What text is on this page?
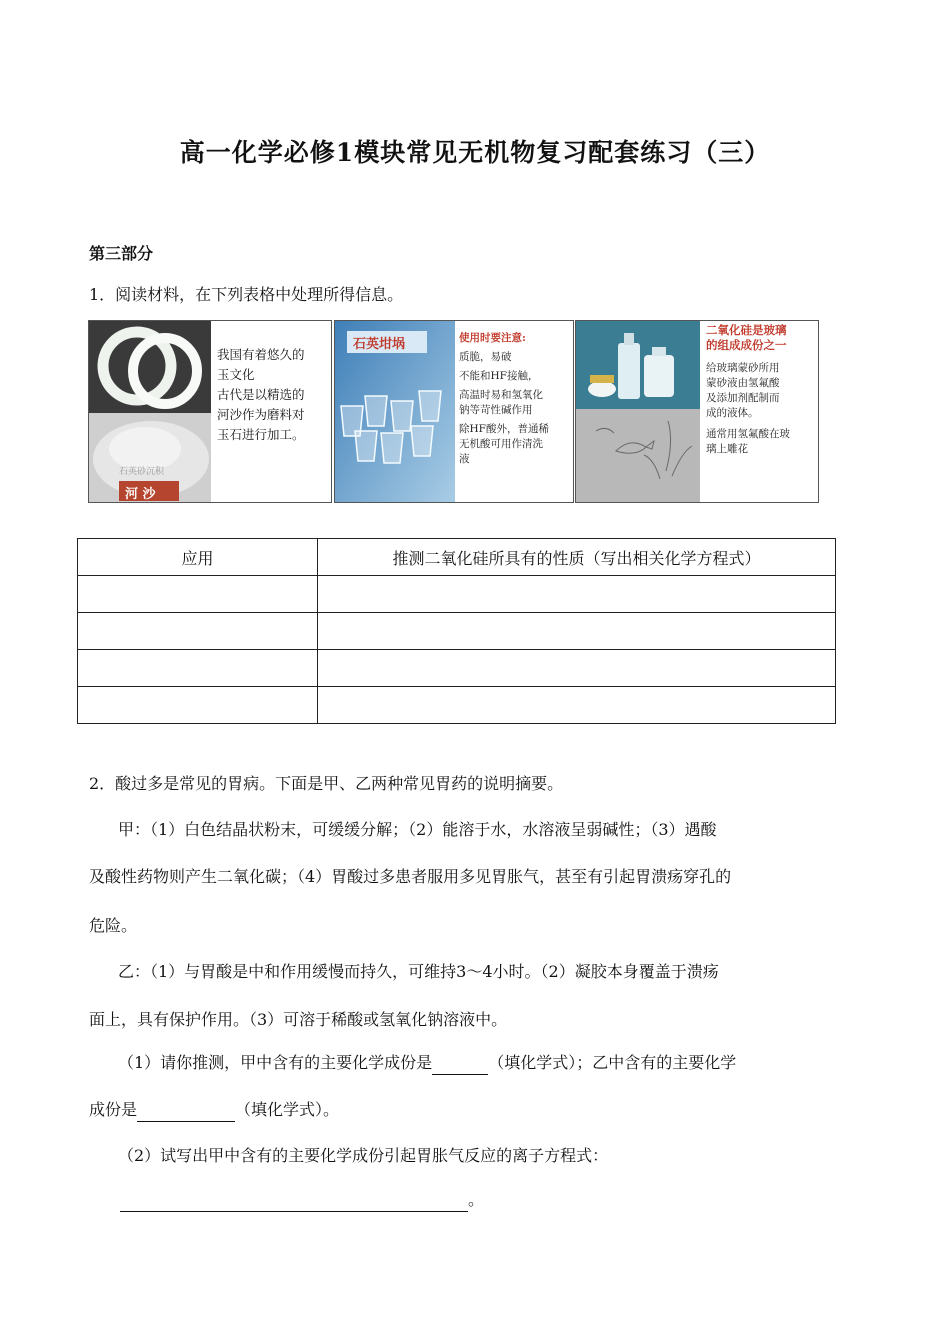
高一化学必修1模块常见无机物复习配套练习（三）
第三部分
1．阅读材料，在下列表格中处理所得信息。
河 沙
石英砂沉积
我国有着悠久的
玉文化
古代是以精选的
河沙作为磨料对
玉石进行加工。
石英坩埚	使用时要注意:
质脆，易破
不能和HF接触，
高温时易和氢氧化
钠等苛性碱作用
除HF酸外，普通稀
无机酸可用作清洗
液
二氧化硅是玻璃
的组成成份之一
给玻璃蒙砂所用
蒙砂液由氢氟酸
及添加剂配制而
成的液体。
通常用氢氟酸在玻
璃上雕花
应用	推测二氧化硅所具有的性质（写出相关化学方程式）

2．酸过多是常见的胃病。下面是甲、乙两种常见胃药的说明摘要。
甲：（1）白色结晶状粉末，可缓缓分解；（2）能溶于水，水溶液呈弱碱性；（3）遇酸
及酸性药物则产生二氧化碳；（4）胃酸过多患者服用多见胃胀气，甚至有引起胃溃疡穿孔的
危险。
乙：（1）与胃酸是中和作用缓慢而持久，可维持3～4小时。（2）凝胶本身覆盖于溃疡
面上，具有保护作用。（3）可溶于稀酸或氢氧化钠溶液中。
（1）请你推测，甲中含有的主要化学成份是	（填化学式）；乙中含有的主要化学
成份是	（填化学式）。
（2）试写出甲中含有的主要化学成份引起胃胀气反应的离子方程式：
。
